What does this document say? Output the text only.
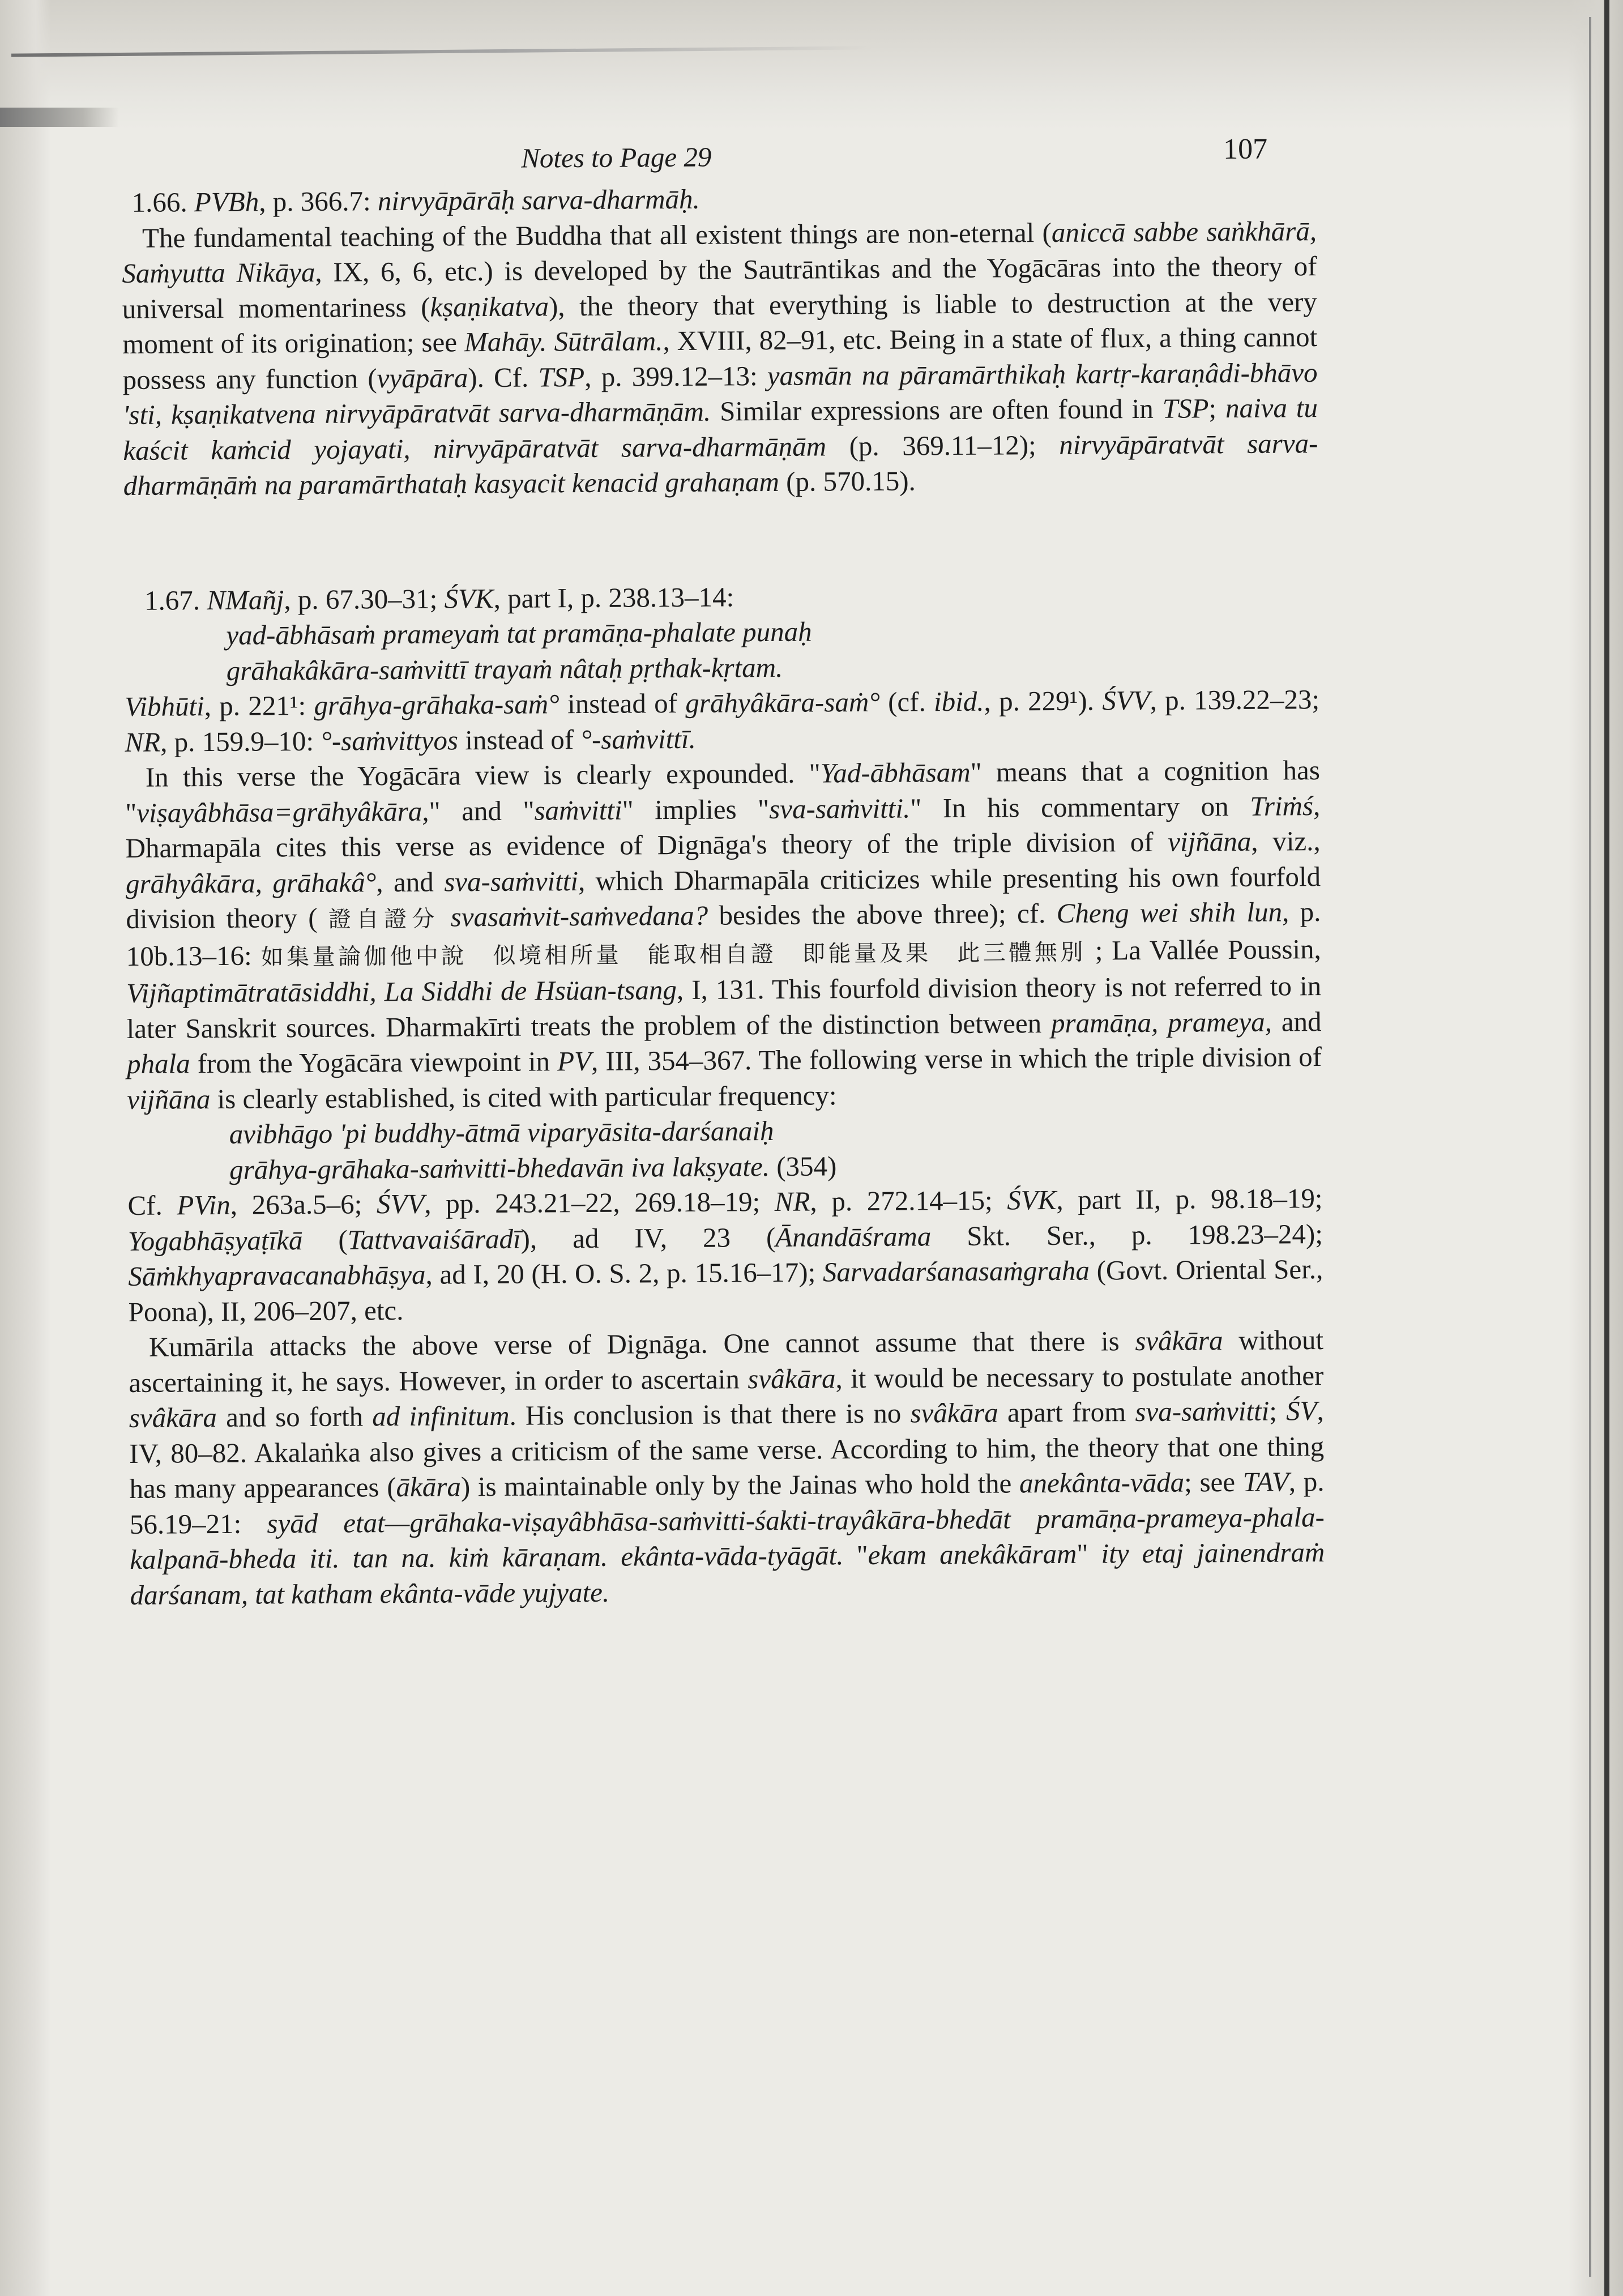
Notes to Page 29	107

1.66. PVBh, p. 366.7: nirvyāpārāḥ sarva-dharmāḥ.

The fundamental teaching of the Buddha that all existent things are non-eternal (aniccā sabbe saṅkhārā, Saṁyutta Nikāya, IX, 6, 6, etc.) is developed by the Sautrāntikas and the Yogācāras into the theory of universal momentariness (kṣaṇikatva), the theory that everything is liable to destruction at the very moment of its origination; see Mahāy. Sūtrālam., XVIII, 82–91, etc. Being in a state of flux, a thing cannot possess any function (vyāpāra). Cf. TSP, p. 399.12–13: yasmān na pāramārthikaḥ kartṛ-karaṇâdi-bhāvo 'sti, kṣaṇikatvena nirvyāpāratvāt sarva-dharmāṇām. Similar expressions are often found in TSP; naiva tu kaścit kaṁcid yojayati, nirvyāpāratvāt sarva-dharmāṇām (p. 369.11–12); nirvyāpāratvāt sarva-dharmāṇāṁ na paramārthataḥ kasyacit kenacid grahaṇam (p. 570.15).

1.67. NMañj, p. 67.30–31; ŚVK, part I, p. 238.13–14:

yad-ābhāsaṁ prameyaṁ tat pramāṇa-phalate punaḥ

grāhakâkāra-saṁvittī trayaṁ nâtaḥ pṛthak-kṛtam.

Vibhūti, p. 221¹: grāhya-grāhaka-saṁ° instead of grāhyâkāra-saṁ° (cf. ibid., p. 229¹). ŚVV, p. 139.22–23; NR, p. 159.9–10: °-saṁvittyos instead of °-saṁvittī.

In this verse the Yogācāra view is clearly expounded. "Yad-ābhāsam" means that a cognition has "viṣayâbhāsa=grāhyâkāra," and "saṁvitti" implies "sva-saṁvitti." In his commentary on Triṁś, Dharmapāla cites this verse as evidence of Dignāga's theory of the triple division of vijñāna, viz., grāhyâkāra, grāhakâ°, and sva-saṁvitti, which Dharmapāla criticizes while presenting his own fourfold division theory ( 證自證分 svasaṁvit-saṁvedana? besides the above three); cf. Cheng wei shih lun, p. 10b.13–16: 如集量論伽他中說　似境相所量　能取相自證　即能量及果　此三體無別 ; La Vallée Poussin, Vijñaptimātratāsiddhi, La Siddhi de Hsüan-tsang, I, 131. This fourfold division theory is not referred to in later Sanskrit sources. Dharmakīrti treats the problem of the distinction between pramāṇa, prameya, and phala from the Yogācāra viewpoint in PV, III, 354–367. The following verse in which the triple division of vijñāna is clearly established, is cited with particular frequency:

avibhāgo 'pi buddhy-ātmā viparyāsita-darśanaiḥ

grāhya-grāhaka-saṁvitti-bhedavān iva lakṣyate. (354)

Cf. PVin, 263a.5–6; ŚVV, pp. 243.21–22, 269.18–19; NR, p. 272.14–15; ŚVK, part II, p. 98.18–19; Yogabhāṣyaṭīkā (Tattvavaiśāradī), ad IV, 23 (Ānandāśrama Skt. Ser., p. 198.23–24); Sāṁkhyapravacanabhāṣya, ad I, 20 (H. O. S. 2, p. 15.16–17); Sarvadarśanasaṁgraha (Govt. Oriental Ser., Poona), II, 206–207, etc.

Kumārila attacks the above verse of Dignāga. One cannot assume that there is svâkāra without ascertaining it, he says. However, in order to ascertain svâkāra, it would be necessary to postulate another svâkāra and so forth ad infinitum. His conclusion is that there is no svâkāra apart from sva-saṁvitti; ŚV, IV, 80–82. Akalaṅka also gives a criticism of the same verse. According to him, the theory that one thing has many appearances (ākāra) is maintainable only by the Jainas who hold the anekânta-vāda; see TAV, p. 56.19–21: syād etat—grāhaka-viṣayâbhāsa-saṁvitti-śakti-trayâkāra-bhedāt pramāṇa-prameya-phala-kalpanā-bheda iti. tan na. kiṁ kāraṇam. ekânta-vāda-tyāgāt. "ekam anekâkāram" ity etaj jainendraṁ darśanam, tat katham ekânta-vāde yujyate.
